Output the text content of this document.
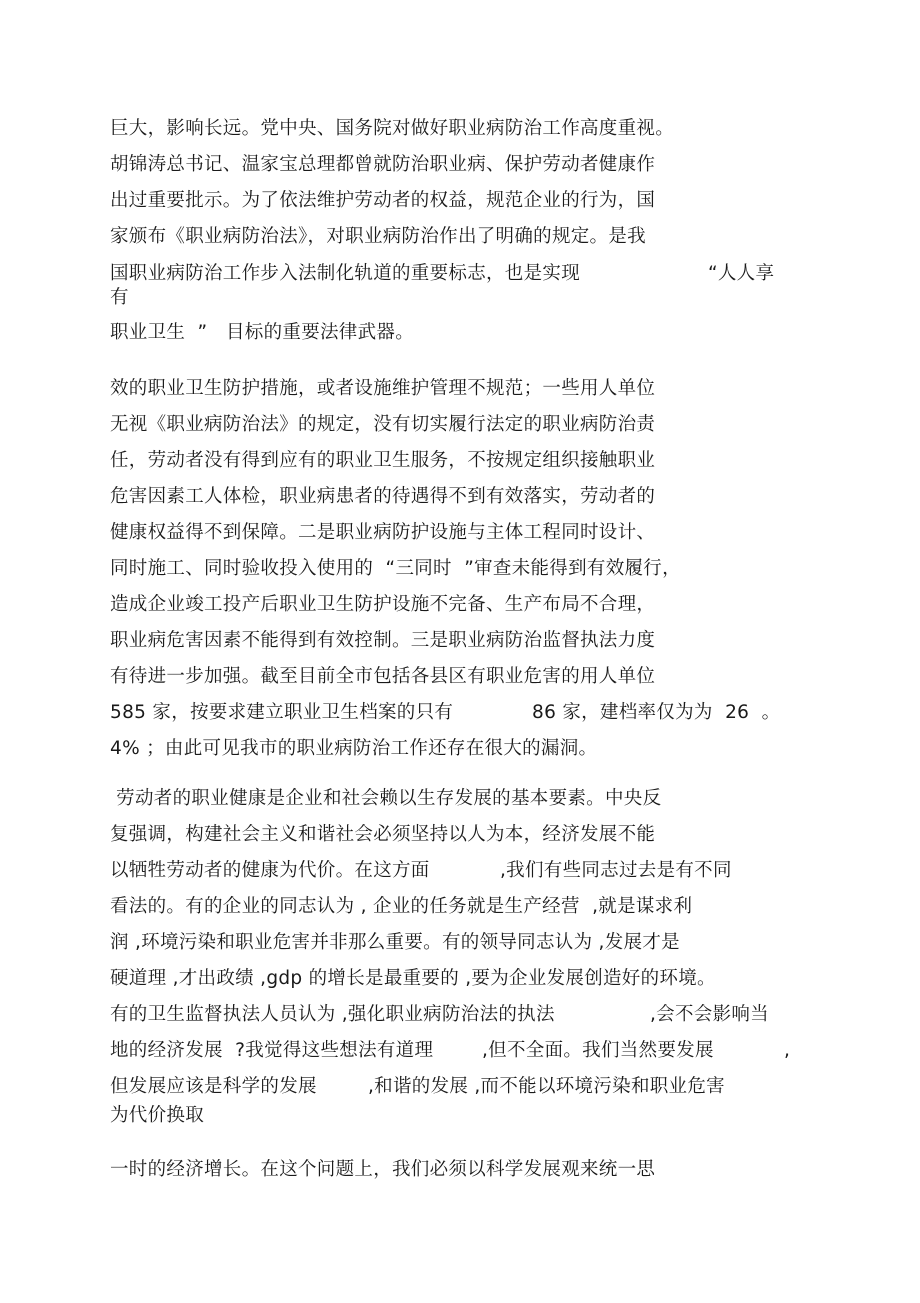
巨大，影响长远。党中央、国务院对做好职业病防治工作高度重视。
胡锦涛总书记、温家宝总理都曾就防治职业病、保护劳动者健康作
出过重要批示。为了依法维护劳动者的权益，规范企业的行为，国
家颁布《职业病防治法》，对职业病防治作出了明确的规定。是我
国职业病防治工作步入法制化轨道的重要标志，也是实现	“人人享
有
职业卫生  ”   目标的重要法律武器。
效的职业卫生防护措施，或者设施维护管理不规范；一些用人单位
无视《职业病防治法》的规定，没有切实履行法定的职业病防治责
任，劳动者没有得到应有的职业卫生服务，不按规定组织接触职业
危害因素工人体检，职业病患者的待遇得不到有效落实，劳动者的
健康权益得不到保障。二是职业病防护设施与主体工程同时设计、
同时施工、同时验收投入使用的  “三同时  ”审查未能得到有效履行，
造成企业竣工投产后职业卫生防护设施不完备、生产布局不合理，
职业病危害因素不能得到有效控制。三是职业病防治监督执法力度
有待进一步加强。截至目前全市包括各县区有职业危害的用人单位
585 家，按要求建立职业卫生档案的只有	86 家，建档率仅为为  26  。
4% ；由此可见我市的职业病防治工作还存在很大的漏洞。
劳动者的职业健康是企业和社会赖以生存发展的基本要素。中央反
复强调，构建社会主义和谐社会必须坚持以人为本，经济发展不能
以牺牲劳动者的健康为代价。在这方面	,我们有些同志过去是有不同
看法的。有的企业的同志认为 , 企业的任务就是生产经营  ,就是谋求利
润 ,环境污染和职业危害并非那么重要。有的领导同志认为 ,发展才是
硬道理 ,才出政绩 ,gdp 的增长是最重要的 ,要为企业发展创造好的环境。
有的卫生监督执法人员认为 ,强化职业病防治法的执法	,会不会影响当
地的经济发展  ?我觉得这些想法有道理	,但不全面。我们当然要发展	,
但发展应该是科学的发展	,和谐的发展 ,而不能以环境污染和职业危害
为代价换取
一时的经济增长。在这个问题上，我们必须以科学发展观来统一思
